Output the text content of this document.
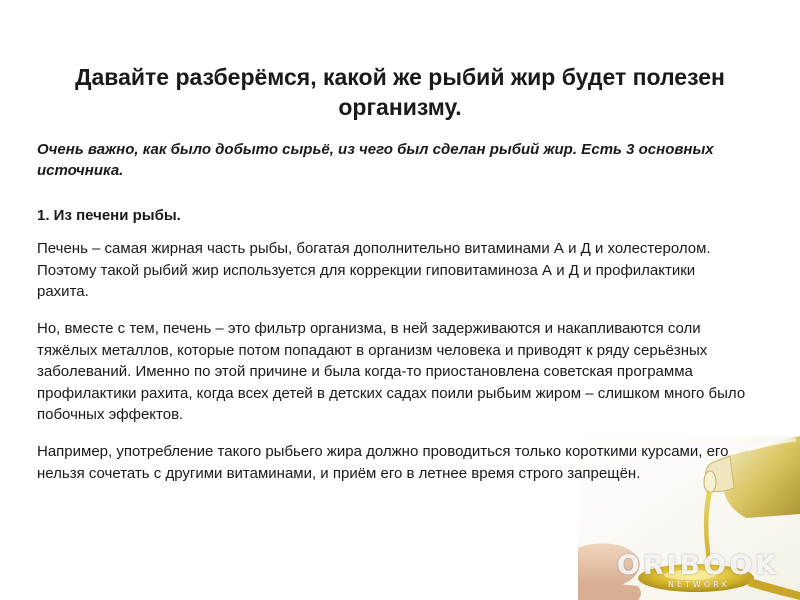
Давайте разберёмся, какой же рыбий жир будет полезен организму.

Очень важно, как было добыто сырьё, из чего был сделан рыбий жир. Есть 3 основных источника.

1. Из печени рыбы.

Печень – самая жирная часть рыбы, богатая дополнительно витаминами А и Д и холестеролом. Поэтому такой рыбий жир используется для коррекции гиповитаминоза А и Д и профилактики рахита.

Но, вместе с тем, печень – это фильтр организма, в ней задерживаются и накапливаются соли тяжёлых металлов, которые потом попадают в организм человека и приводят к ряду серьёзных заболеваний. Именно по этой причине и была когда-то приостановлена советская программа профилактики рахита, когда всех детей в детских садах поили рыбьим жиром – слишком много было побочных эффектов.

Например, употребление такого рыбьего жира должно проводиться только короткими курсами, его нельзя сочетать с другими витаминами, и приём его в летнее время строго запрещён.

ORIBOOK
NETWORK
